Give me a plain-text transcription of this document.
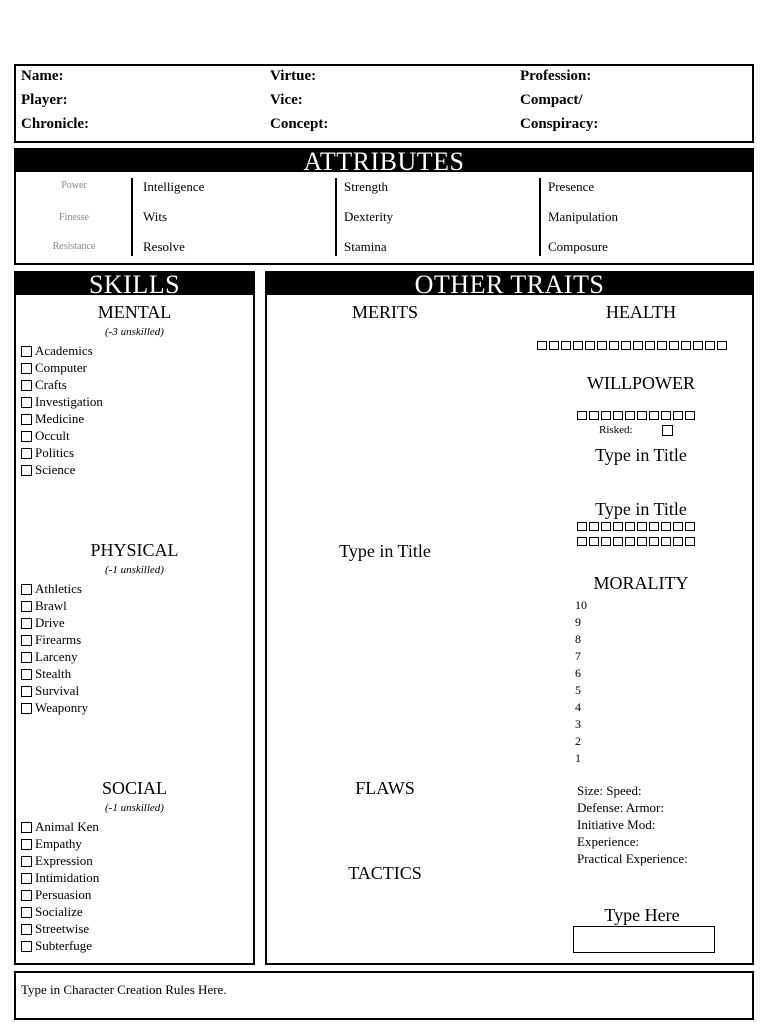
Name:
Player:
Chronicle:
Virtue:
Vice:
Concept:
Profession:
Compact/
Conspiracy:
ATTRIBUTES
Power
Finesse
Resistance
Intelligence
Wits
Resolve
Strength
Dexterity
Stamina
Presence
Manipulation
Composure
SKILLS
MENTAL
(-3 unskilled)
Academics
Computer
Crafts
Investigation
Medicine
Occult
Politics
Science
PHYSICAL
(-1 unskilled)
Athletics
Brawl
Drive
Firearms
Larceny
Stealth
Survival
Weaponry
SOCIAL
(-1 unskilled)
Animal Ken
Empathy
Expression
Intimidation
Persuasion
Socialize
Streetwise
Subterfuge
OTHER TRAITS
MERITS
Type in Title
FLAWS
TACTICS
HEALTH
WILLPOWER
Risked:
Type in Title
Type in Title
MORALITY
10
9
8
7
6
5
4
3
2
1
Size: Speed:
Defense: Armor:
Initiative Mod:
Experience:
Practical Experience:
Type Here
Type in Character Creation Rules Here.
